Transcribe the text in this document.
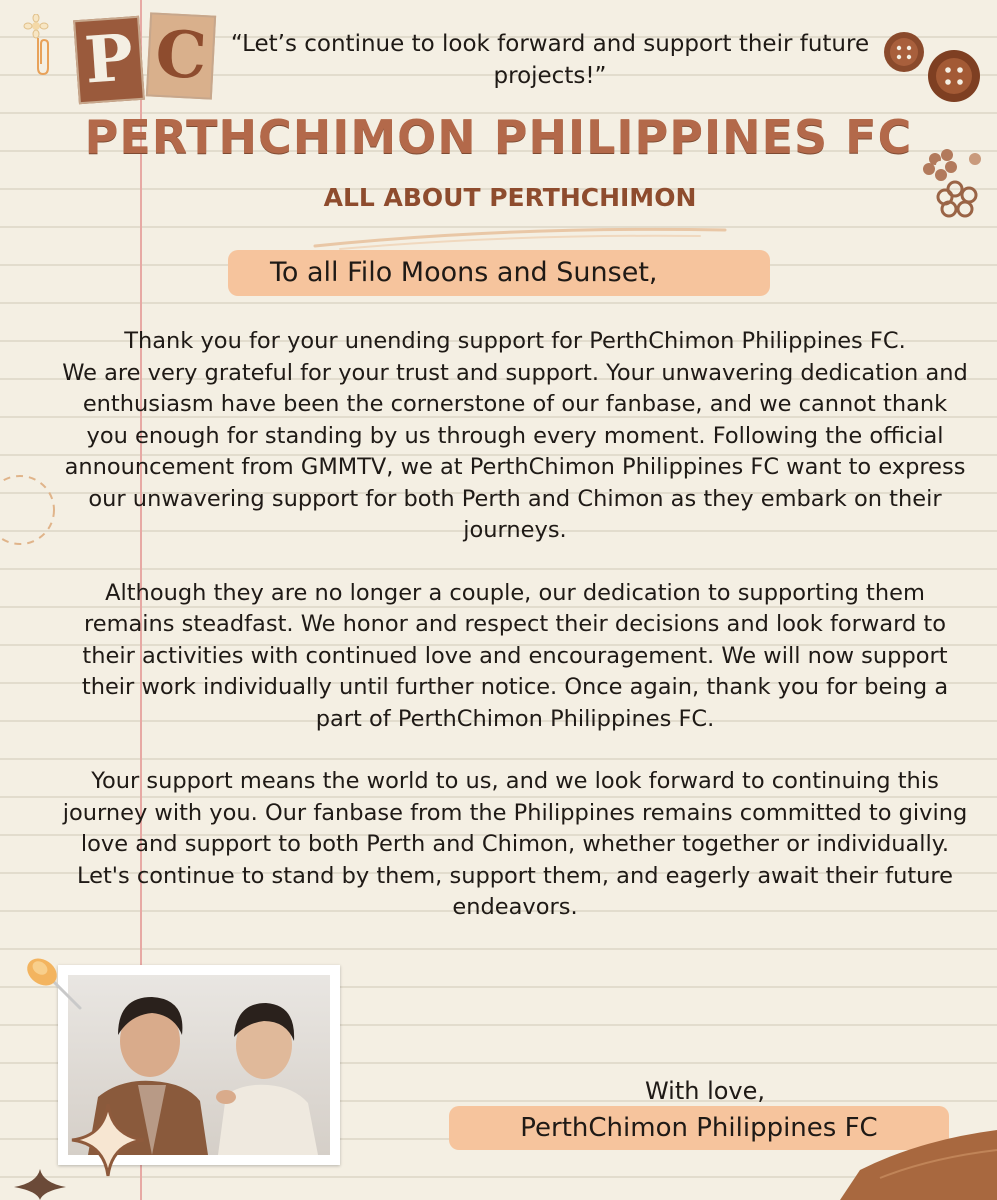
P C “Let’s continue to look forward and support their future projects!”
PERTHCHIMON PHILIPPINES FC
ALL ABOUT PERTHCHIMON
To all Filo Moons and Sunset,

Thank you for your unending support for PerthChimon Philippines FC.

We are very grateful for your trust and support. Your unwavering dedication and enthusiasm have been the cornerstone of our fanbase, and we cannot thank you enough for standing by us through every moment. Following the official announcement from GMMTV, we at PerthChimon Philippines FC want to express our unwavering support for both Perth and Chimon as they embark on their journeys.

Although they are no longer a couple, our dedication to supporting them remains steadfast. We honor and respect their decisions and look forward to their activities with continued love and encouragement. We will now support their work individually until further notice. Once again, thank you for being a part of PerthChimon Philippines FC.

Your support means the world to us, and we look forward to continuing this journey with you. Our fanbase from the Philippines remains committed to giving love and support to both Perth and Chimon, whether together or individually. Let's continue to stand by them, support them, and eagerly await their future endeavors.

With love,
PerthChimon Philippines FC
